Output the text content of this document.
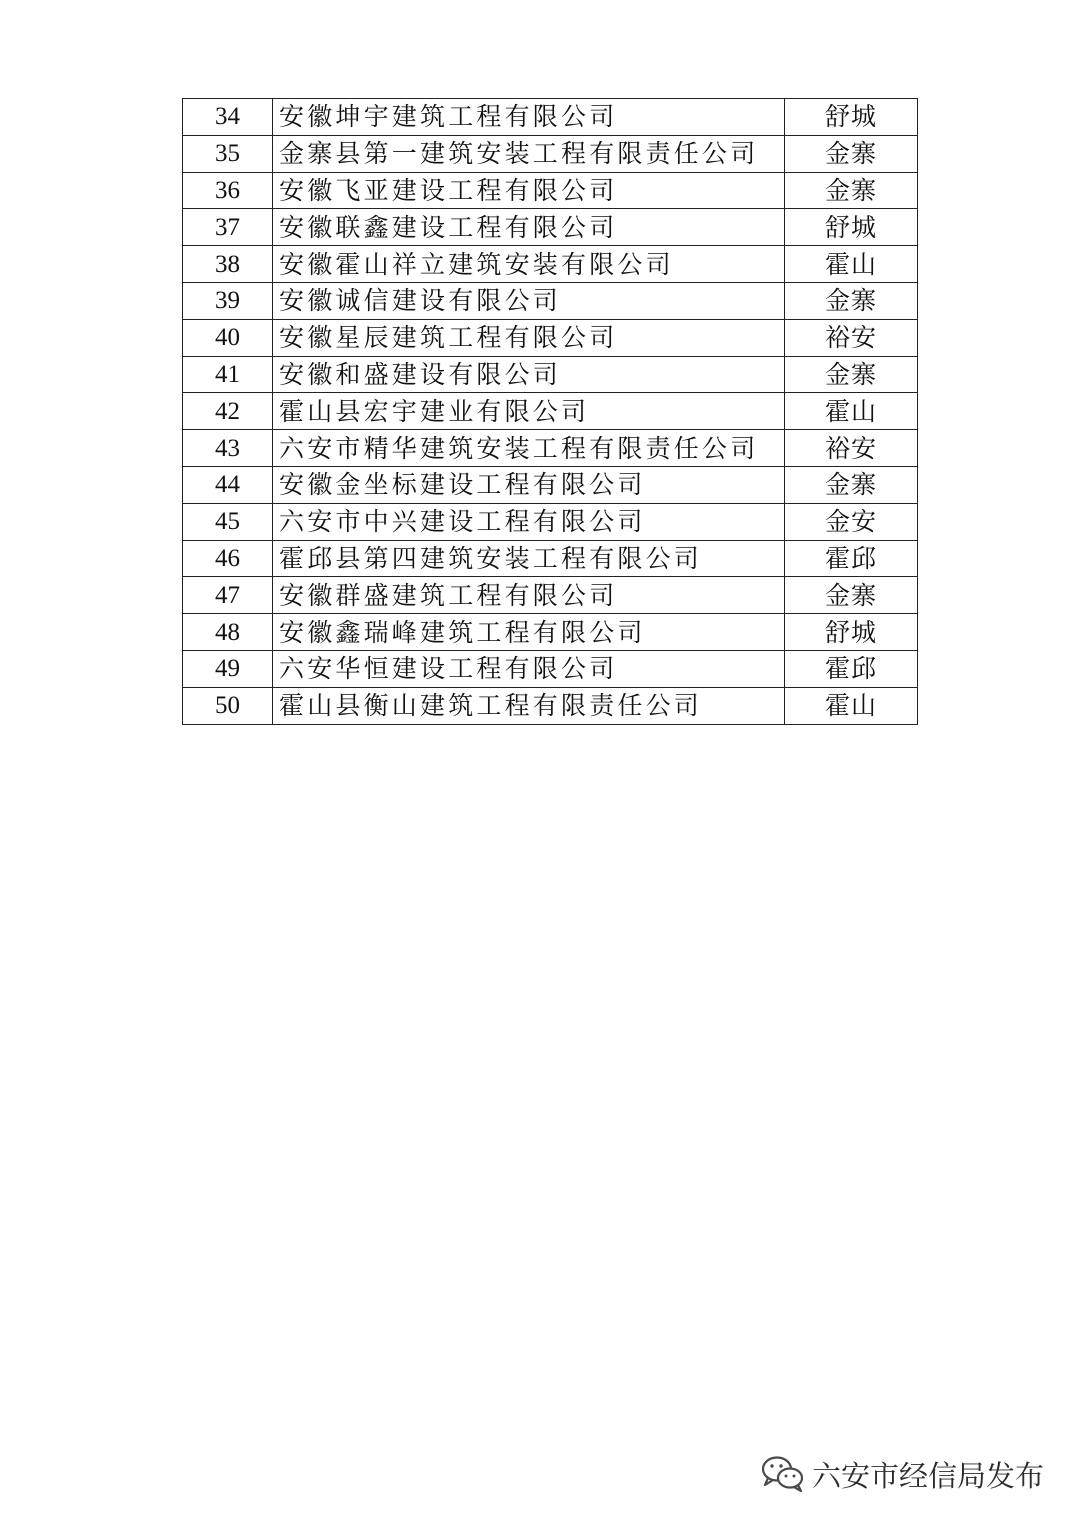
34	安徽坤宇建筑工程有限公司	舒城
35	金寨县第一建筑安装工程有限责任公司	金寨
36	安徽飞亚建设工程有限公司	金寨
37	安徽联鑫建设工程有限公司	舒城
38	安徽霍山祥立建筑安装有限公司	霍山
39	安徽诚信建设有限公司	金寨
40	安徽星辰建筑工程有限公司	裕安
41	安徽和盛建设有限公司	金寨
42	霍山县宏宇建业有限公司	霍山
43	六安市精华建筑安装工程有限责任公司	裕安
44	安徽金坐标建设工程有限公司	金寨
45	六安市中兴建设工程有限公司	金安
46	霍邱县第四建筑安装工程有限公司	霍邱
47	安徽群盛建筑工程有限公司	金寨
48	安徽鑫瑞峰建筑工程有限公司	舒城
49	六安华恒建设工程有限公司	霍邱
50	霍山县衡山建筑工程有限责任公司	霍山
六安市经信局发布
